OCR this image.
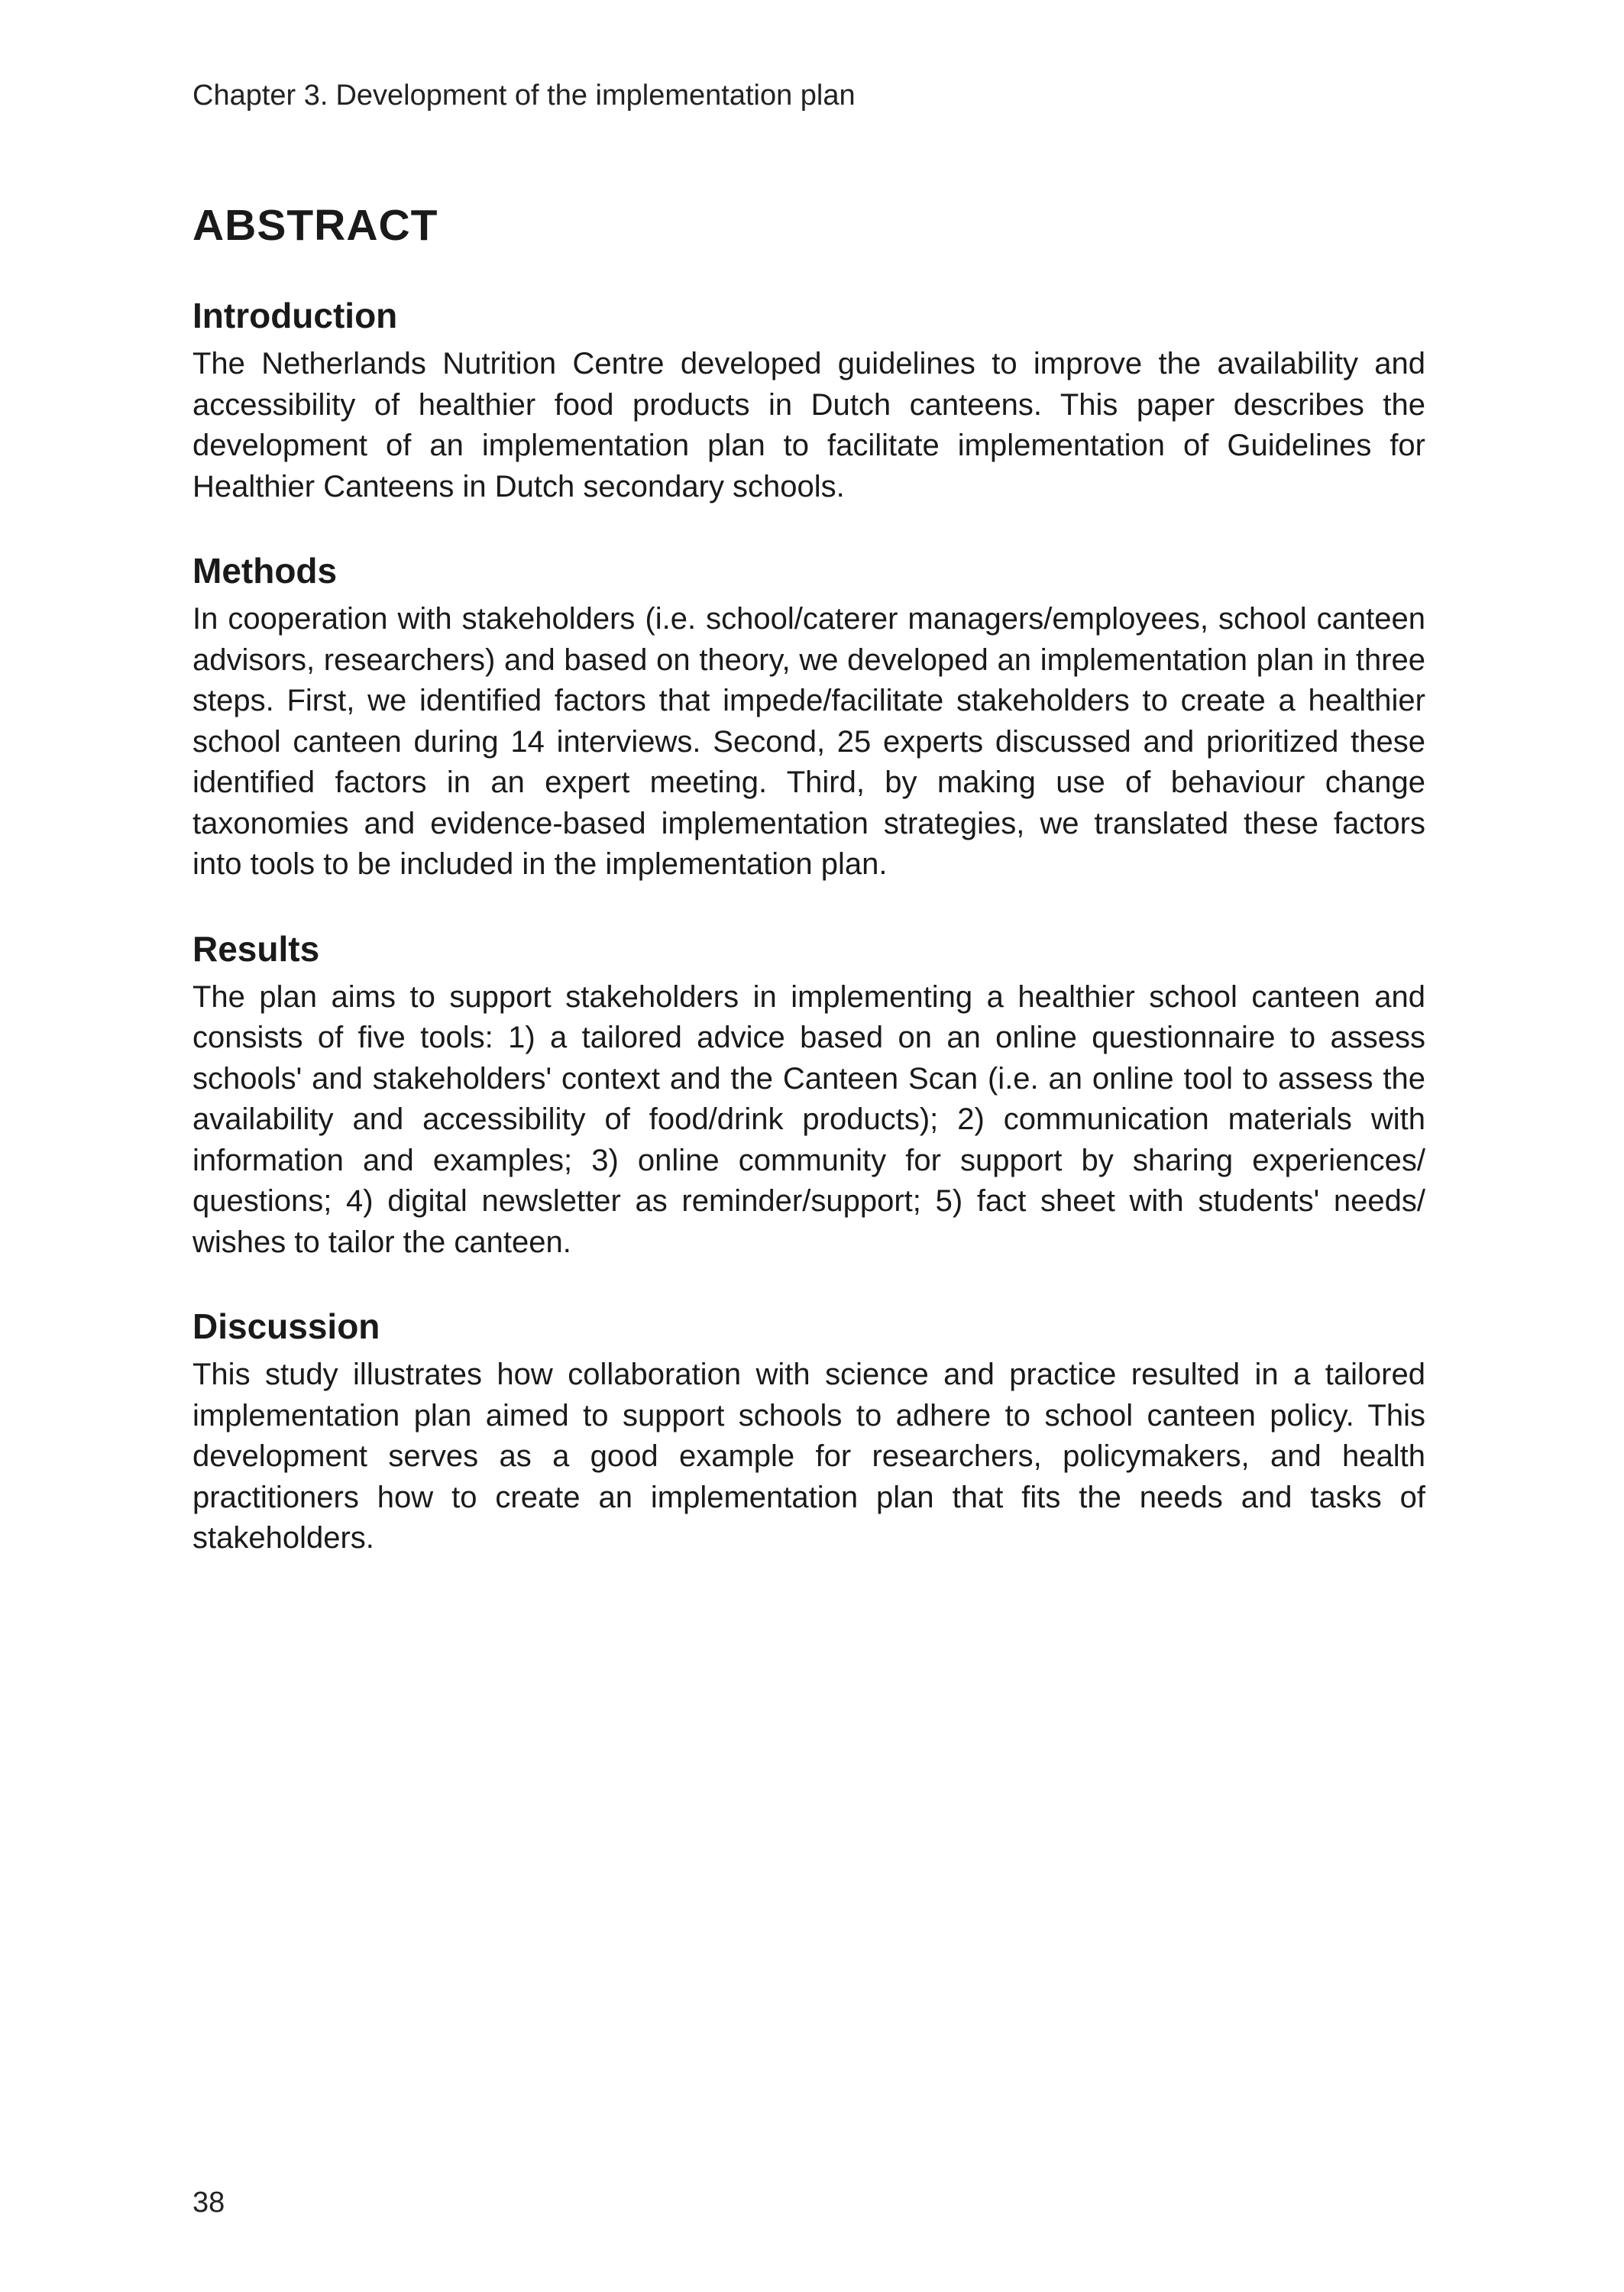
Chapter 3. Development of the implementation plan
ABSTRACT
Introduction

The Netherlands Nutrition Centre developed guidelines to improve the availability and accessibility of healthier food products in Dutch canteens. This paper describes the development of an implementation plan to facilitate implementation of Guidelines for Healthier Canteens in Dutch secondary schools.

Methods

In cooperation with stakeholders (i.e. school/caterer managers/employees, school canteen advisors, researchers) and based on theory, we developed an implementation plan in three steps. First, we identified factors that impede/facilitate stakeholders to create a healthier school canteen during 14 interviews. Second, 25 experts discussed and prioritized these identified factors in an expert meeting. Third, by making use of behaviour change taxonomies and evidence-based implementation strategies, we translated these factors into tools to be included in the implementation plan.

Results

The plan aims to support stakeholders in implementing a healthier school canteen and consists of five tools: 1) a tailored advice based on an online questionnaire to assess schools' and stakeholders' context and the Canteen Scan (i.e. an online tool to assess the availability and accessibility of food/drink products); 2) communication materials with information and examples; 3) online community for support by sharing experiences/ questions; 4) digital newsletter as reminder/support; 5) fact sheet with students' needs/ wishes to tailor the canteen.

Discussion

This study illustrates how collaboration with science and practice resulted in a tailored implementation plan aimed to support schools to adhere to school canteen policy. This development serves as a good example for researchers, policymakers, and health practitioners how to create an implementation plan that fits the needs and tasks of stakeholders.

38
